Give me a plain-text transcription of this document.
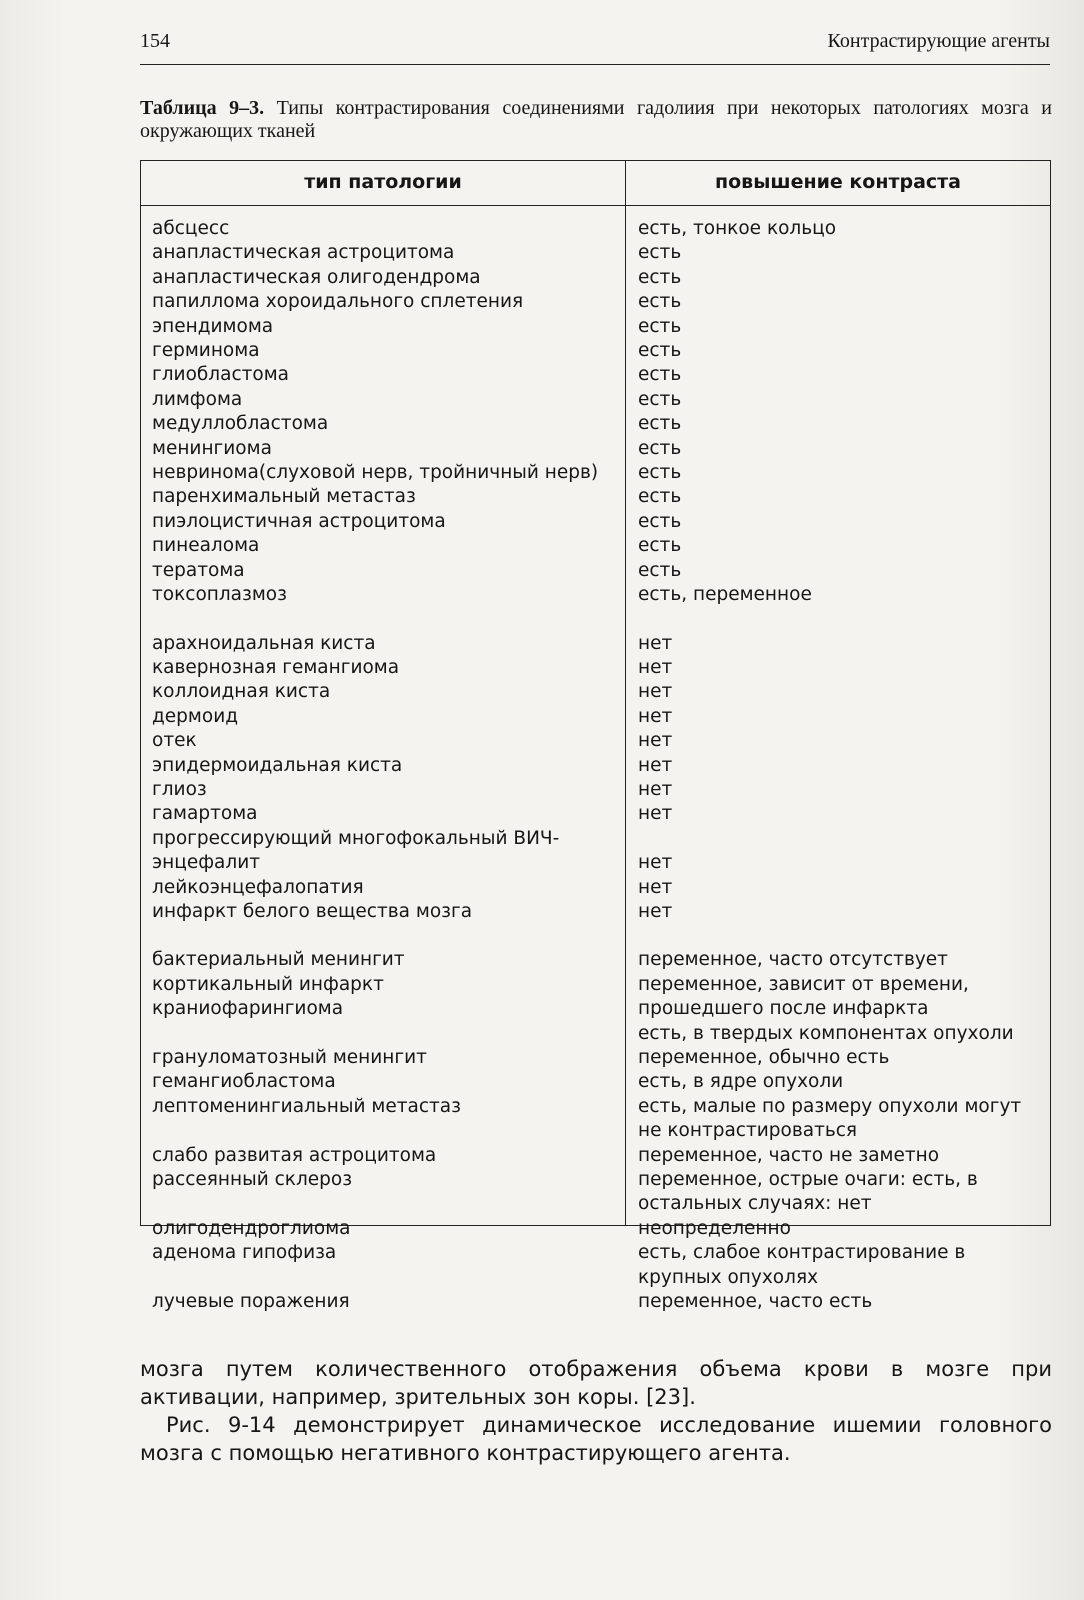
154	Контрастирующие агенты
Таблица 9–3. Типы контрастирования соединениями гадолиия при некоторых патологиях мозга и окружающих тканей
тип патологии	повышение контраста
абсцесс
анапластическая астроцитома
анапластическая олигодендрома
папиллома хороидального сплетения
эпендимома
герминома
глиобластома
лимфома
медуллобластома
менингиома
невринома(слуховой нерв, тройничный нерв)
паренхимальный метастаз
пиэлоцистичная астроцитома
пинеалома
тератома
токсоплазмоз
арахноидальная киста
кавернозная гемангиома
коллоидная киста
дермоид
отек
эпидермоидальная киста
глиоз
гамартома
прогрессирующий многофокальный ВИЧ-
энцефалит
лейкоэнцефалопатия
инфаркт белого вещества мозга
бактериальный менингит
кортикальный инфаркт
краниофарингиома

грануломатозный менингит
гемангиобластома
лептоменингиальный метастаз

слабо развитая астроцитома
рассеянный склероз

олигодендроглиома
аденома гипофиза

лучевые поражения
есть, тонкое кольцо
есть
есть
есть
есть
есть
есть
есть
есть
есть
есть
есть
есть
есть
есть
есть, переменное
нет
нет
нет
нет
нет
нет
нет
нет

нет
нет
нет
переменное, часто отсутствует
переменное, зависит от времени,
прошедшего после инфаркта
есть, в твердых компонентах опухоли
переменное, обычно есть
есть, в ядре опухоли
есть, малые по размеру опухоли могут
не контрастироваться
переменное, часто не заметно
переменное, острые очаги: есть, в
остальных случаях: нет
неопределенно
есть, слабое контрастирование в
крупных опухолях
переменное, часто есть

мозга путем количественного отображения объема крови в мозге при активации, например, зрительных зон коры. [23].

Рис. 9-14 демонстрирует динамическое исследование ишемии головного мозга с помощью негативного контрастирующего агента.
